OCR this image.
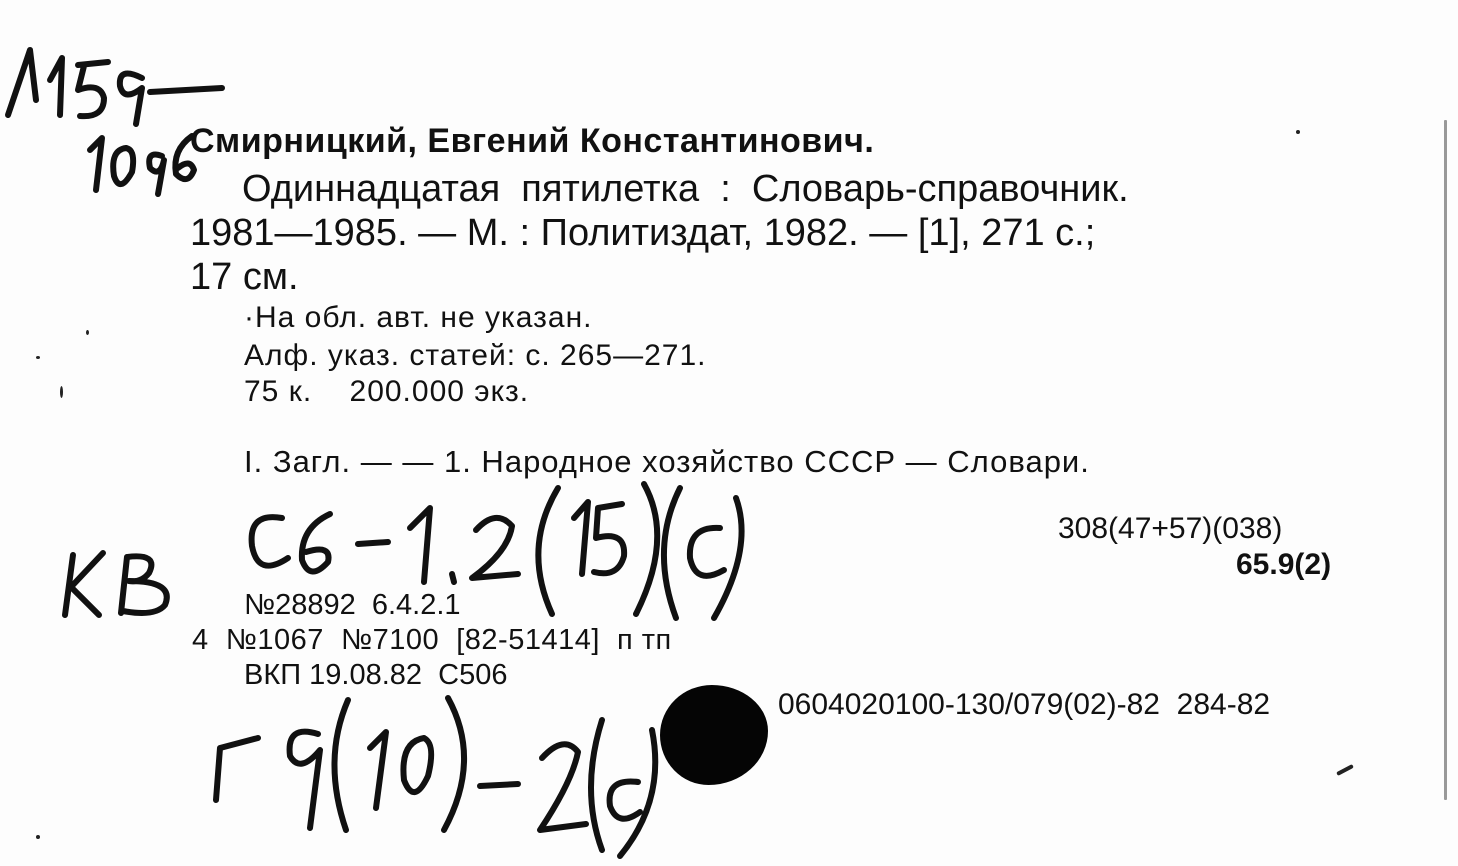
Смирницкий, Евгений Константинович.
Одиннадцатая  пятилетка  :  Словарь-справочник.
1981—1985. — М. : Политиздат, 1982. — [1], 271 с.;
17 см.
·На обл. авт. не указан.
Алф. указ. статей: с. 265—271.
75 к.    200.000 экз.
I. Загл. — — 1. Народное хозяйство СССР — Словари.
308(47+57)(038)
65.9(2)
№28892  6.4.2.1
4  №1067  №7100  [82-51414]  п тп
ВКП 19.08.82  С506
0604020100-130/079(02)-82  284-82
